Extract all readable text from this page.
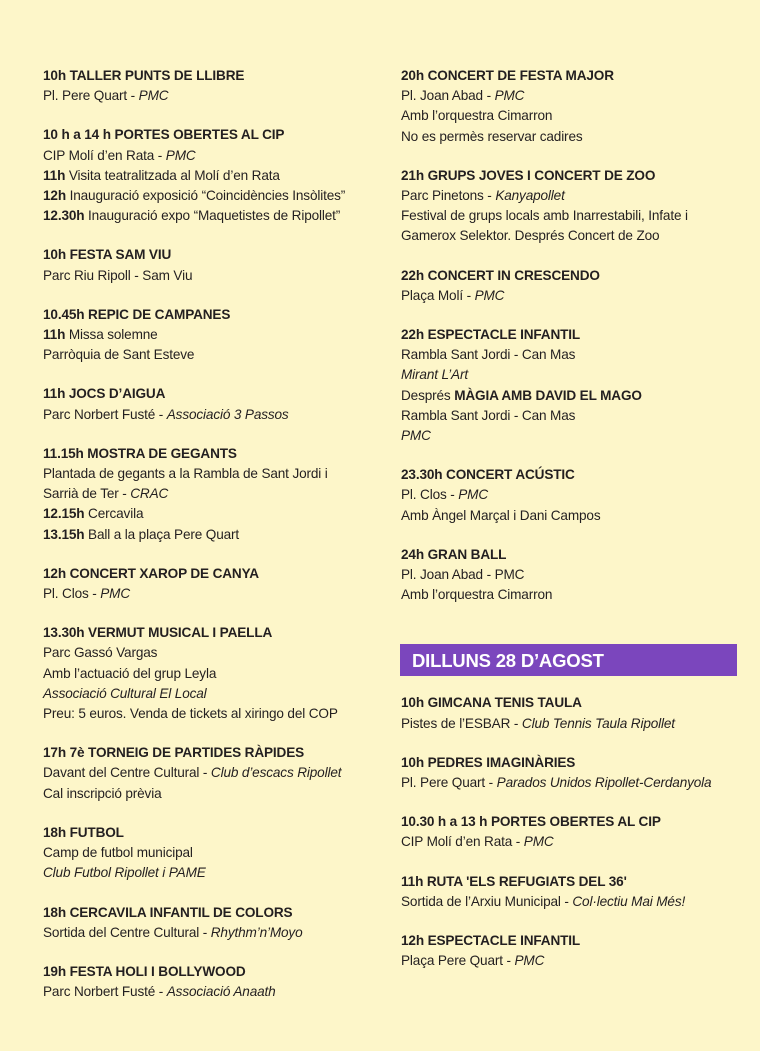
10h TALLER PUNTS DE LLIBRE
Pl. Pere Quart - PMC
10 h a 14 h PORTES OBERTES AL CIP
CIP Molí d’en Rata - PMC
11h Visita teatralitzada al Molí d’en Rata
12h Inauguració exposició “Coincidències Insòlites”
12.30h Inauguració expo “Maquetistes de Ripollet”
10h FESTA SAM VIU
Parc Riu Ripoll - Sam Viu
10.45h REPIC DE CAMPANES
11h Missa solemne
Parròquia de Sant Esteve
11h JOCS D’AIGUA
Parc Norbert Fusté - Associació 3 Passos
11.15h MOSTRA DE GEGANTS
Plantada de gegants a la Rambla de Sant Jordi i
Sarrià de Ter - CRAC
12.15h Cercavila
13.15h Ball a la plaça Pere Quart
12h CONCERT XAROP DE CANYA
Pl. Clos - PMC
13.30h VERMUT MUSICAL I PAELLA
Parc Gassó Vargas
Amb l’actuació del grup Leyla
Associació Cultural El Local
Preu: 5 euros. Venda de tickets al xiringo del COP
17h 7è TORNEIG DE PARTIDES RÀPIDES
Davant del Centre Cultural - Club d’escacs Ripollet
Cal inscripció prèvia
18h FUTBOL
Camp de futbol municipal
Club Futbol Ripollet i PAME
18h CERCAVILA INFANTIL DE COLORS
Sortida del Centre Cultural - Rhythm’n’Moyo
19h FESTA HOLI I BOLLYWOOD
Parc Norbert Fusté - Associació Anaath
20h CONCERT DE FESTA MAJOR
Pl. Joan Abad - PMC
Amb l’orquestra Cimarron
No es permès reservar cadires
21h GRUPS JOVES I CONCERT DE ZOO
Parc Pinetons - Kanyapollet
Festival de grups locals amb Inarrestabili, Infate i
Gamerox Selektor. Després Concert de Zoo
22h CONCERT IN CRESCENDO
Plaça Molí - PMC
22h ESPECTACLE INFANTIL
Rambla Sant Jordi - Can Mas
Mirant L’Art
Després MÀGIA AMB DAVID EL MAGO
Rambla Sant Jordi - Can Mas
PMC
23.30h CONCERT ACÚSTIC
Pl. Clos - PMC
Amb Àngel Marçal i Dani Campos
24h GRAN BALL
Pl. Joan Abad - PMC
Amb l’orquestra Cimarron
DILLUNS 28 D’AGOST
10h GIMCANA TENIS TAULA
Pistes de l’ESBAR - Club Tennis Taula Ripollet
10h PEDRES IMAGINÀRIES
Pl. Pere Quart - Parados Unidos Ripollet-Cerdanyola
10.30 h a 13 h PORTES OBERTES AL CIP
CIP Molí d’en Rata - PMC
11h RUTA 'ELS REFUGIATS DEL 36'
Sortida de l’Arxiu Municipal - Col·lectiu Mai Més!
12h ESPECTACLE INFANTIL
Plaça Pere Quart - PMC
